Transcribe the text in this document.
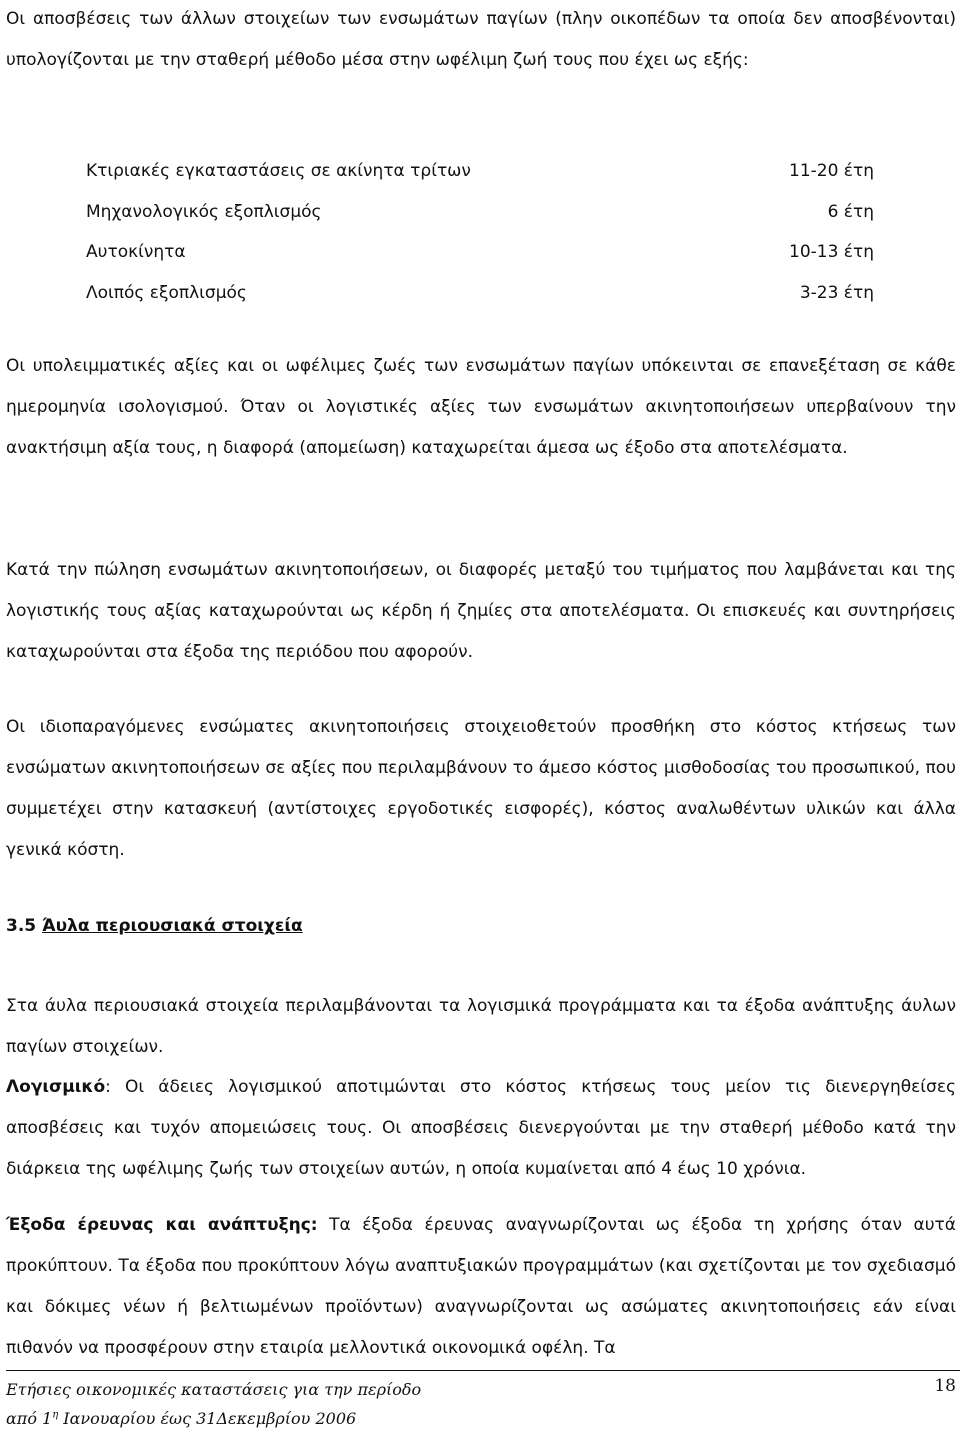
Οι αποσβέσεις των άλλων στοιχείων των ενσωμάτων παγίων (πλην οικοπέδων τα οποία δεν αποσβένονται) υπολογίζονται με την σταθερή μέθοδο μέσα στην ωφέλιμη ζωή τους που έχει ως εξής:

Κτιριακές εγκαταστάσεις σε ακίνητα τρίτων	11-20 έτη
Μηχανολογικός εξοπλισμός	6 έτη
Αυτοκίνητα	10-13 έτη
Λοιπός εξοπλισμός	3-23 έτη

Οι υπολειμματικές αξίες και οι ωφέλιμες ζωές των ενσωμάτων παγίων υπόκεινται σε επανεξέταση σε κάθε ημερομηνία ισολογισμού. Όταν οι λογιστικές αξίες των ενσωμάτων ακινητοποιήσεων υπερβαίνουν την ανακτήσιμη αξία τους, η διαφορά (απομείωση) καταχωρείται άμεσα ως έξοδο στα αποτελέσματα.

Κατά την πώληση ενσωμάτων ακινητοποιήσεων, οι διαφορές μεταξύ του τιμήματος που λαμβάνεται και της λογιστικής τους αξίας καταχωρούνται ως κέρδη ή ζημίες στα αποτελέσματα. Οι επισκευές και συντηρήσεις καταχωρούνται στα έξοδα της περιόδου που αφορούν.

Οι ιδιοπαραγόμενες ενσώματες ακινητοποιήσεις στοιχειοθετούν προσθήκη στο κόστος κτήσεως των ενσώματων ακινητοποιήσεων σε αξίες που περιλαμβάνουν το άμεσο κόστος μισθοδοσίας του προσωπικού, που συμμετέχει στην κατασκευή (αντίστοιχες εργοδοτικές εισφορές), κόστος αναλωθέντων υλικών και άλλα γενικά κόστη.

3.5 Άυλα περιουσιακά στοιχεία

Στα άυλα περιουσιακά στοιχεία περιλαμβάνονται τα λογισμικά προγράμματα και τα έξοδα ανάπτυξης άυλων παγίων στοιχείων.

Λογισμικό: Οι άδειες λογισμικού αποτιμώνται στο κόστος κτήσεως τους μείον τις διενεργηθείσες αποσβέσεις και τυχόν απομειώσεις τους. Οι αποσβέσεις διενεργούνται με την σταθερή μέθοδο κατά την διάρκεια της ωφέλιμης ζωής των στοιχείων αυτών, η οποία κυμαίνεται από 4 έως 10 χρόνια.

Έξοδα έρευνας και ανάπτυξης: Τα έξοδα έρευνας αναγνωρίζονται ως έξοδα τη χρήσης όταν αυτά προκύπτουν. Τα έξοδα που προκύπτουν λόγω αναπτυξιακών προγραμμάτων (και σχετίζονται με τον σχεδιασμό και δόκιμες νέων ή βελτιωμένων προϊόντων) αναγνωρίζονται ως ασώματες ακινητοποιήσεις εάν είναι πιθανόν να προσφέρουν στην εταιρία μελλοντικά οικονομικά οφέλη. Τα

Ετήσιες οικονομικές καταστάσεις για την περίοδο
από $1^\eta$ Ιανουαρίου έως 31Δεκεμβρίου 2006
18
